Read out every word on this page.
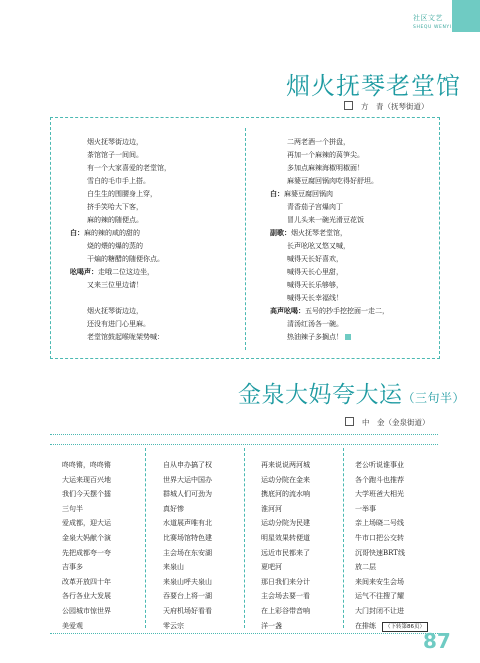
社区文艺
SHEQU WENYI
烟火抚琴老堂馆
方　青（抚琴街道）
烟火抚琴街边边，
茶馆馆子一间间。
有一个大家喜爱的老堂馆，
雪白的毛巾手上搭。
白生生的围腰身上穿，
挤手笑哈大下客，
麻的辣的随便点。
白：麻的辣的咸的甜的
烧的煨的爆的蒸的
干煸的糖醋的随便你点。
吆喝声：走哦二位这边坐，
又来三位里边请！
烟火抚琴街边边，
还没有进门心里麻。
老堂馆鼓起喉咙架势喊：
二两老酒一个拼盘，
再加一个麻辣的莴笋尖。
多加点麻辣海椒明椒面！
麻婆豆腐回锅肉吃得好舒坦。
白：麻婆豆腐回锅肉
青香茄子宫爆肉丁
冒儿头来一碗光滑豆花饭
副歌：烟火抚琴老堂馆，
长声吆吆又悠又喊，
喊得天长好喜欢，
喊得天长心里甜，
喊得天长乐够够，
喊得天长幸福线！
高声吆喝：五号的抄手挖挖面一走二，
清汤红汤各一碗。
热油辣子多搁点！
金泉大妈夸大运（三句半）
中　金（金泉街道）
咚咚锵，咚咚锵
大运来现百兴地
我们今天摆个擂
三句半
爱成都，迎大运
金泉大妈献个演
先把成都夸一夸
吉事多
改革开放四十年
各行各业大发展
公园城市惊世界
美爱观
自从申办搞了权
世界大运中国办
群城人们可劲为
真好惨
水道展声唯有北
比赛场馆特色建
主会场在东安湖
来泉山
来泉山呼夫泉山
吞要台上将一湖
天府机场好看看
零云宗
再来说说两河城
运动分院在金来
携底河的流水响
淮河河
运动分院为民建
明星效果转便道
远近市民都来了
夏吧河
那日我们来分计
主会场去要一看
在上彩谷带音响
洋一盏
老公听说谁事业
各个跑斗也推荐
大学班爸大相光
一举事
亲上场晓二号线
牛市口把公交转
沉哥快速BRT线
放二层
来间来安生会场
运气不往搜了耀
大门封闭不让进
在排练 （下转第86页）
87
